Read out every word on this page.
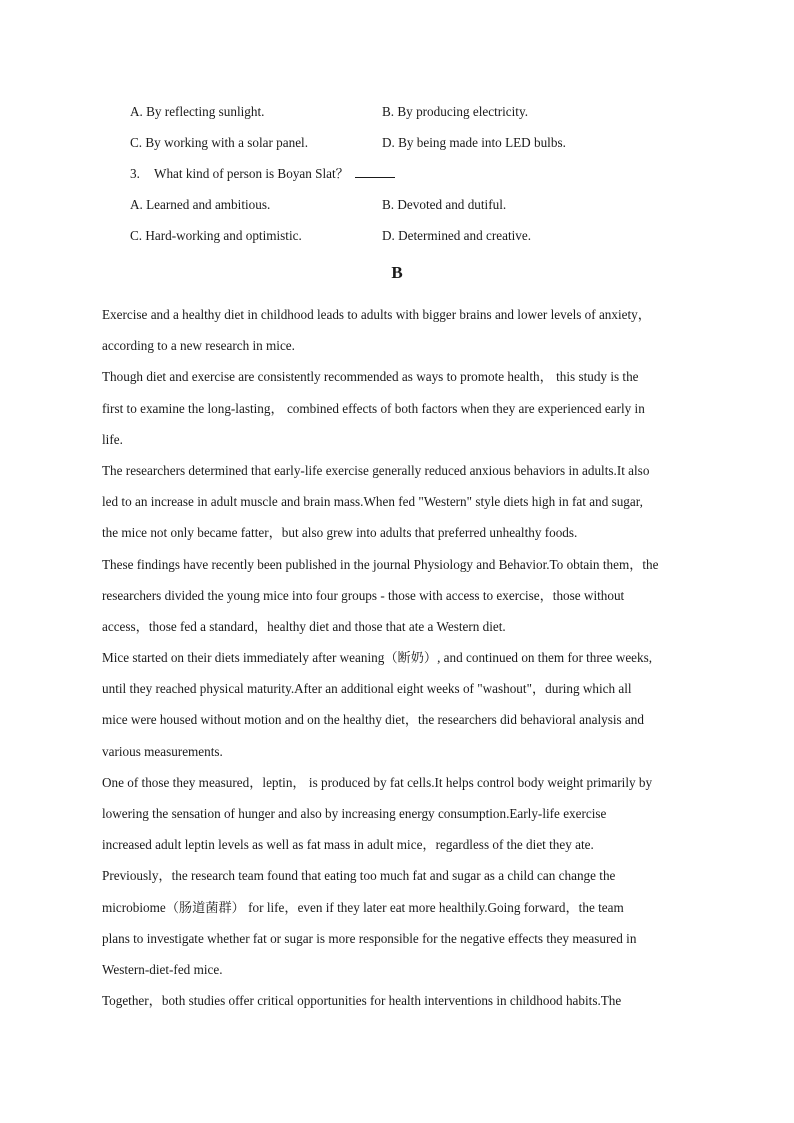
A. By reflecting sunlight.	B. By producing electricity.
C. By working with a solar panel.	D. By being made into LED bulbs.
3. What kind of person is Boyan Slat？
A. Learned and ambitious.	B. Devoted and dutiful.
C. Hard-working and optimistic.	D. Determined and creative.
B
Exercise and a healthy diet in childhood leads to adults with bigger brains and lower levels of anxiety，
according to a new research in mice.
Though diet and exercise are consistently recommended as ways to promote health， this study is the
first to examine the long-lasting， combined effects of both factors when they are experienced early in
life.
The researchers determined that early-life exercise generally reduced anxious behaviors in adults.It also
led to an increase in adult muscle and brain mass.When fed "Western" style diets high in fat and sugar,
the mice not only became fatter，but also grew into adults that preferred unhealthy foods.
These findings have recently been published in the journal Physiology and Behavior.To obtain them，the
researchers divided the young mice into four groups - those with access to exercise，those without
access，those fed a standard，healthy diet and those that ate a Western diet.
Mice started on their diets immediately after weaning（断奶）, and continued on them for three weeks,
until they reached physical maturity.After an additional eight weeks of "washout"，during which all
mice were housed without motion and on the healthy diet，the researchers did behavioral analysis and
various measurements.
One of those they measured，leptin， is produced by fat cells.It helps control body weight primarily by
lowering the sensation of hunger and also by increasing energy consumption.Early-life exercise
increased adult leptin levels as well as fat mass in adult mice，regardless of the diet they ate.
Previously，the research team found that eating too much fat and sugar as a child can change the
microbiome（肠道菌群） for life，even if they later eat more healthily.Going forward，the team
plans to investigate whether fat or sugar is more responsible for the negative effects they measured in
Western-diet-fed mice.
Together，both studies offer critical opportunities for health interventions in childhood habits.The
